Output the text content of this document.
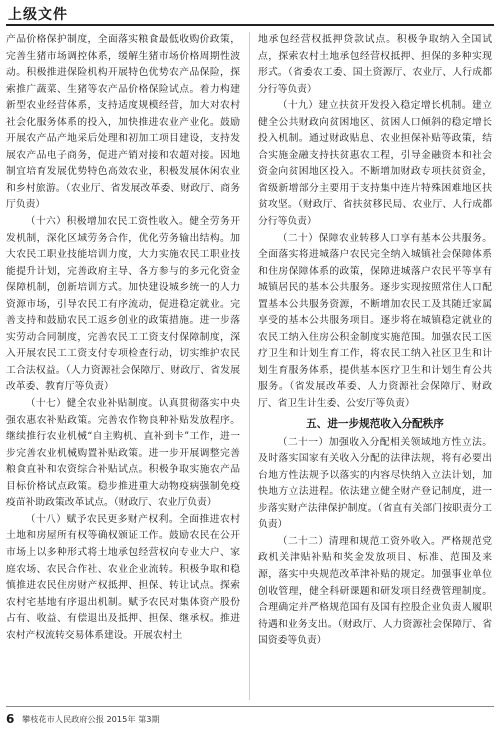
上级文件

产品价格保护制度，全面落实粮食最低收购价政策，完善生猪市场调控体系，缓解生猪市场价格周期性波动。积极推进保险机构开展特色优势农产品保险，探索推广蔬菜、生猪等农产品价格保险试点。着力构建新型农业经营体系，支持适度规模经营，加大对农村社会化服务体系的投入，加快推进农业产业化。鼓励开展农产品产地采后处理和初加工项目建设，支持发展农产品电子商务，促进产销对接和农超对接。因地制宜培育发展优势特色高效农业，积极发展休闲农业和乡村旅游。（农业厅、省发展改革委、财政厅、商务厅负责）

（十六）积极增加农民工资性收入。健全劳务开发机制，深化区域劳务合作，优化劳务输出结构。加大农民工职业技能培训力度，大力实施农民工职业技能提升计划，完善政府主导、各方参与的多元化资金保障机制，创新培训方式。加快建设城乡统一的人力资源市场，引导农民工有序流动，促进稳定就业。完善支持和鼓励农民工返乡创业的政策措施。进一步落实劳动合同制度，完善农民工工资支付保障制度，深入开展农民工工资支付专项检查行动，切实维护农民工合法权益。（人力资源社会保障厅、财政厅、省发展改革委、教育厅等负责）

（十七）健全农业补贴制度。认真贯彻落实中央强农惠农补贴政策。完善农作物良种补贴发放程序。继续推行农业机械“自主购机、直补到卡”工作，进一步完善农业机械购置补贴政策。进一步开展调整完善粮食直补和农资综合补贴试点。积极争取实施农产品目标价格试点政策。稳步推进重大动物疫病强制免疫疫苗补助政策改革试点。（财政厅、农业厅负责）

（十八）赋予农民更多财产权利。全面推进农村土地和房屋所有权等确权颁证工作。鼓励农民在公开市场上以多种形式将土地承包经营权向专业大户、家庭农场、农民合作社、农业企业流转。积极争取和稳慎推进农民住房财产权抵押、担保、转让试点。探索农村宅基地有序退出机制。赋予农民对集体资产股份占有、收益、有偿退出及抵押、担保、继承权。推进农村产权流转交易体系建设。开展农村土

地承包经营权抵押贷款试点。积极争取纳入全国试点，探索农村土地承包经营权抵押、担保的多种实现形式。（省委农工委、国土资源厅、农业厅、人行成都分行等负责）

（十九）建立扶贫开发投入稳定增长机制。建立健全公共财政向贫困地区、贫困人口倾斜的稳定增长投入机制。通过财政贴息、农业担保补贴等政策，结合实施金融支持扶贫惠农工程，引导金融资本和社会资金向贫困地区投入。不断增加财政专项扶贫资金，省级新增部分主要用于支持集中连片特殊困难地区扶贫攻坚。（财政厅、省扶贫移民局、农业厅、人行成都分行等负责）

（二十）保障农业转移人口享有基本公共服务。全面落实将进城落户农民完全纳入城镇社会保障体系和住房保障体系的政策，保障进城落户农民平等享有城镇居民的基本公共服务。逐步实现按照常住人口配置基本公共服务资源，不断增加农民工及其随迁家属享受的基本公共服务项目。逐步将在城镇稳定就业的农民工纳入住房公积金制度实施范围。加强农民工医疗卫生和计划生育工作，将农民工纳入社区卫生和计划生育服务体系，提供基本医疗卫生和计划生育公共服务。（省发展改革委、人力资源社会保障厅、财政厅、省卫生计生委、公安厅等负责）

五、进一步规范收入分配秩序

（二十一）加强收入分配相关领域地方性立法。及时落实国家有关收入分配的法律法规，将有必要出台地方性法规予以落实的内容尽快纳入立法计划，加快地方立法进程。依法建立健全财产登记制度，进一步落实财产法律保护制度。（省直有关部门按职责分工负责）

（二十二）清理和规范工资外收入。严格规范党政机关津贴补贴和奖金发放项目、标准、范围及来源，落实中央规范改革津补贴的规定。加强事业单位创收管理，健全科研课题和研发项目经费管理制度。合理确定并严格规范国有及国有控股企业负责人履职待遇和业务支出。（财政厅、人力资源社会保障厅、省国资委等负责）

6 攀枝花市人民政府公报 2015年 第3期
